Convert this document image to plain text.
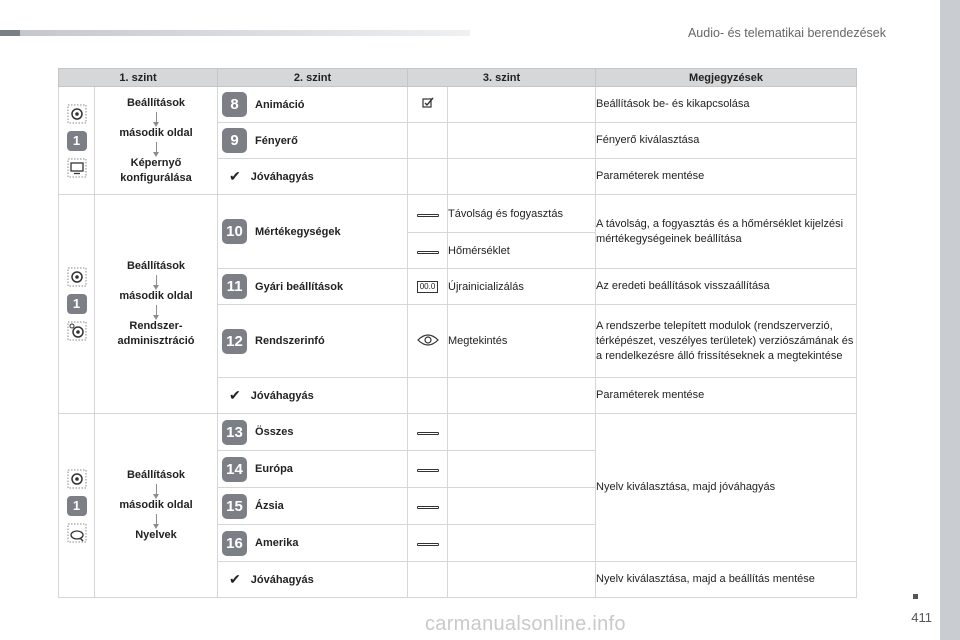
Audio- és telematikai berendezések
411
carmanualsonline.info
1. szint		2. szint	3. szint		Megjegyzések

1	Beállítások
második oldal
Képernyő konfigurálása	8 Animáció			Beállítások be- és kikapcsolása

		9 Fényerő			Fényerő kiválasztása

		✔ Jóváhagyás			Paraméterek mentése

1	Beállítások
második oldal
Rendszer-adminisztráció	10 Mértékegységek		Távolság és fogyasztás	A távolság, a fogyasztás és a hőmérséklet kijelzési mértékegységeinek beállítása
				Hőmérséklet	

		11 Gyári beállítások	00.0	Újrainicializálás	Az eredeti beállítások visszaállítása

		12 Rendszerinfó		Megtekintés	A rendszerbe telepített modulok (rendszerverzió, térképészet, veszélyes területek) verziószámának és a rendelkezésre álló frissítéseknek a megtekintése

		✔ Jóváhagyás			Paraméterek mentése

1	Beállítások
második oldal
Nyelvek	13 Összes			Nyelv kiválasztása, majd jóváhagyás

		14 Európa			

		15 Ázsia			

		16 Amerika			

		✔ Jóváhagyás			Nyelv kiválasztása, majd a beállítás mentése
